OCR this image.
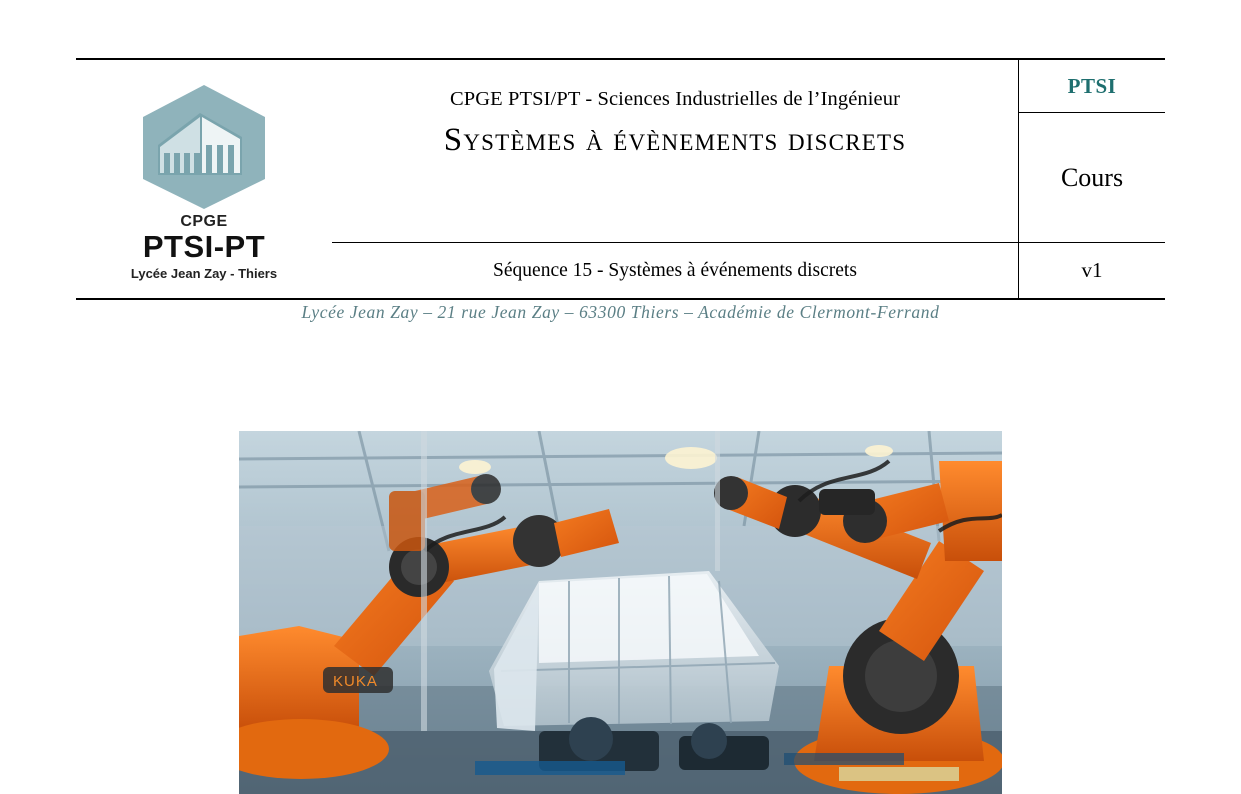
CPGE
PTSI-PT
Lycée Jean Zay - Thiers
CPGE PTSI/PT - Sciences Industrielles de l’Ingénieur
Systèmes à évènements discrets
Séquence 15 - Systèmes à événements discrets
PTSI
Cours
v1
Lycée Jean Zay – 21 rue Jean Zay – 63300 Thiers – Académie de Clermont-Ferrand
KUKA
